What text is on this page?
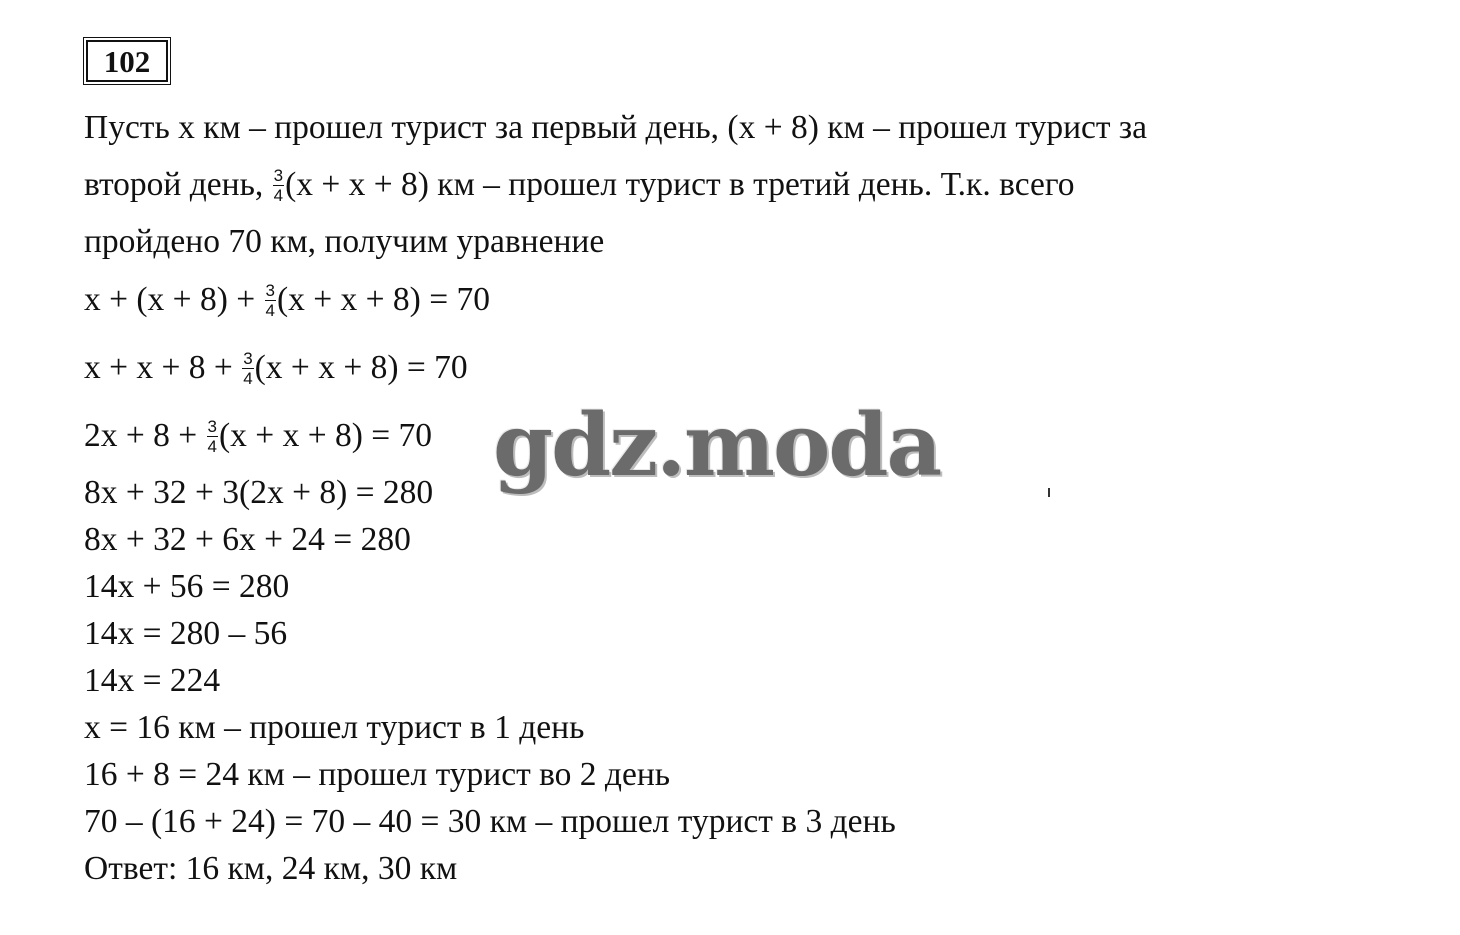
102
Пусть x км – прошел турист за первый день, (x + 8) км – прошел турист за
второй день, $\frac{3}{4} (x + x + 8)$ км – прошел турист в третий день. Т.к. всего
пройдено 70 км, получим уравнение
$x + (x + 8) + \frac{3}{4} (x + x + 8) = 70$
$x + x + 8 + \frac{3}{4} (x + x + 8) = 70$
$2x + 8 + \frac{3}{4} (x + x + 8) = 70$
8x + 32 + 3(2x + 8) = 280
8x + 32 + 6x + 24 = 280
14x + 56 = 280
14x = 280 – 56
14x = 224
x = 16 км – прошел турист в 1 день
16 + 8 = 24 км – прошел турист во 2 день
70 – (16 + 24) = 70 – 40 = 30 км – прошел турист в 3 день
Ответ: 16 км, 24 км, 30 км
gdz.moda
